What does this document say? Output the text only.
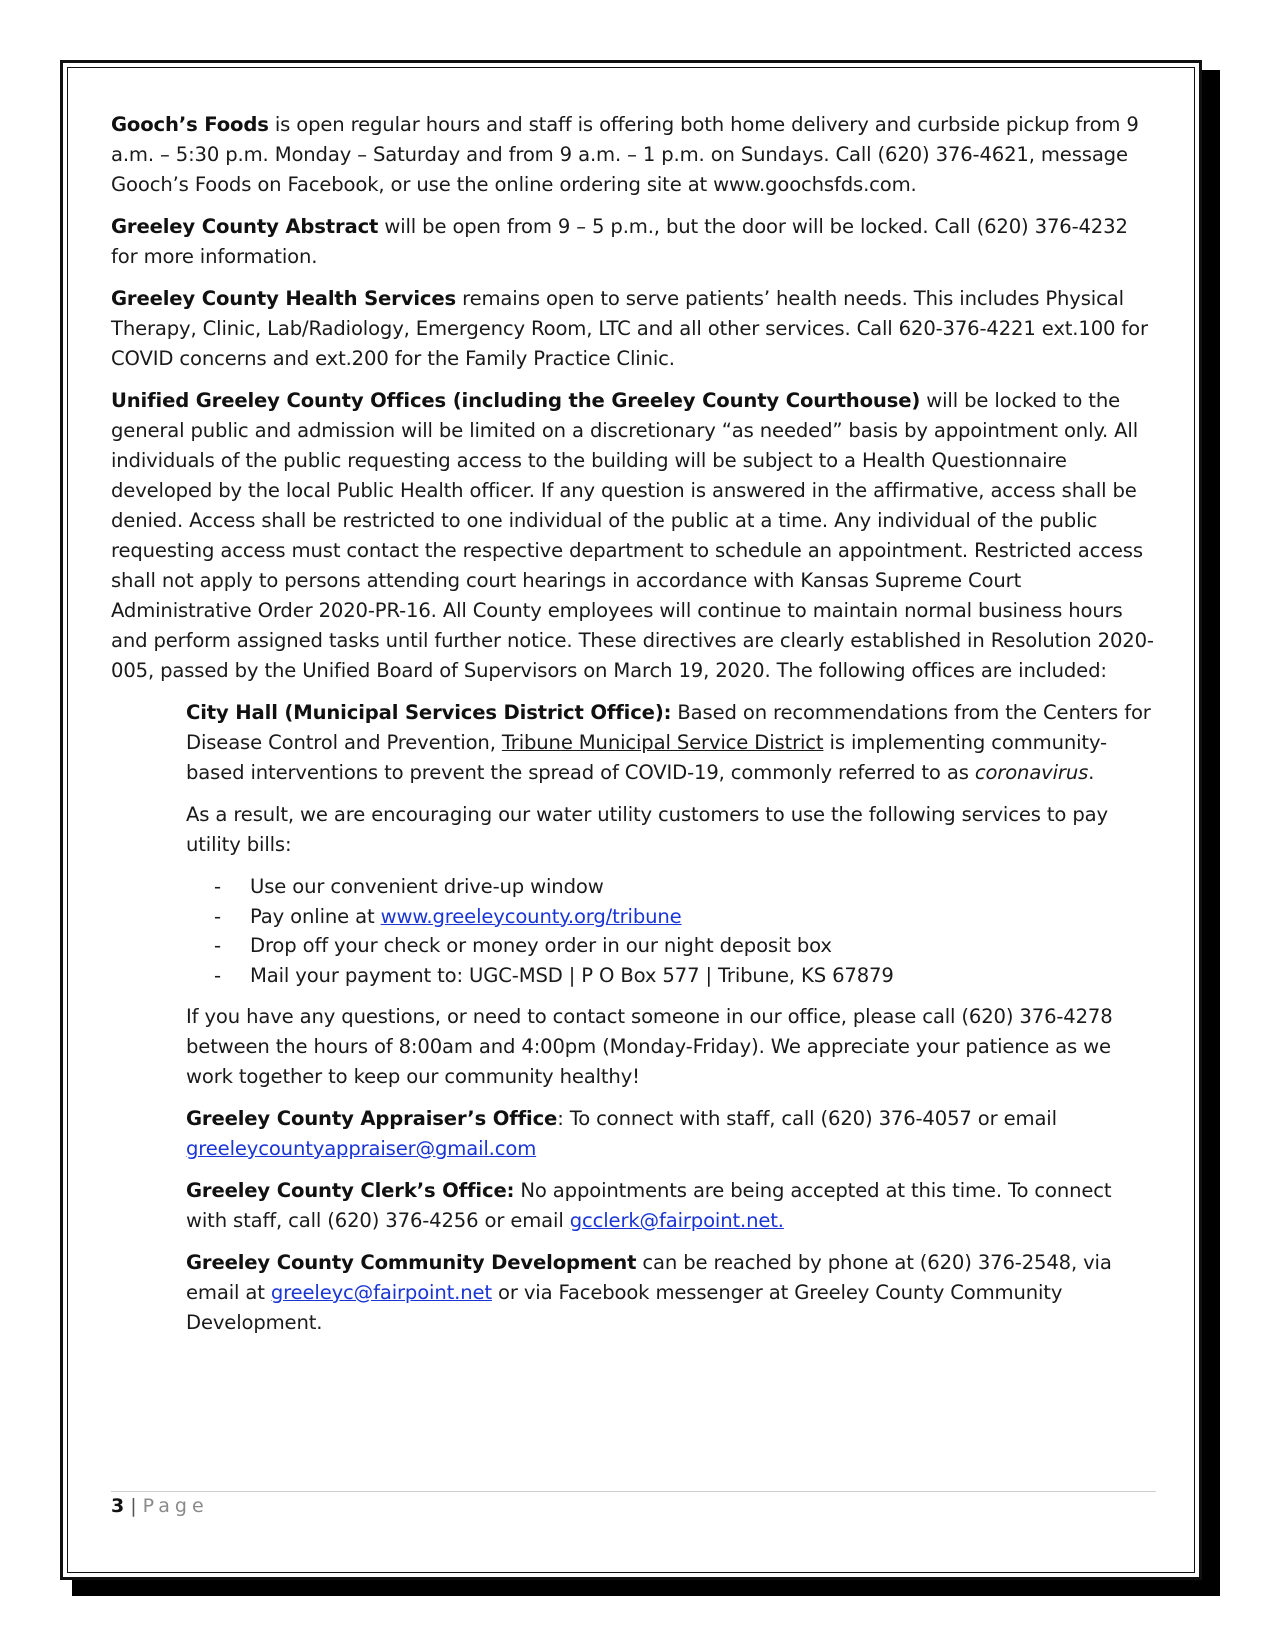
Gooch’s Foods is open regular hours and staff is offering both home delivery and curbside pickup from 9 a.m. – 5:30 p.m. Monday – Saturday and from 9 a.m. – 1 p.m. on Sundays. Call (620) 376-4621, message Gooch’s Foods on Facebook, or use the online ordering site at www.goochsfds.com.

Greeley County Abstract will be open from 9 – 5 p.m., but the door will be locked. Call (620) 376-4232 for more information.

Greeley County Health Services remains open to serve patients’ health needs. This includes Physical Therapy, Clinic, Lab/Radiology, Emergency Room, LTC and all other services. Call 620-376-4221 ext.100 for COVID concerns and ext.200 for the Family Practice Clinic.

Unified Greeley County Offices (including the Greeley County Courthouse) will be locked to the general public and admission will be limited on a discretionary “as needed” basis by appointment only. All individuals of the public requesting access to the building will be subject to a Health Questionnaire developed by the local Public Health officer. If any question is answered in the affirmative, access shall be denied. Access shall be restricted to one individual of the public at a time. Any individual of the public requesting access must contact the respective department to schedule an appointment. Restricted access shall not apply to persons attending court hearings in accordance with Kansas Supreme Court Administrative Order 2020-PR-16. All County employees will continue to maintain normal business hours and perform assigned tasks until further notice. These directives are clearly established in Resolution 2020-005, passed by the Unified Board of Supervisors on March 19, 2020. The following offices are included:

City Hall (Municipal Services District Office): Based on recommendations from the Centers for Disease Control and Prevention, Tribune Municipal Service District is implementing community-based interventions to prevent the spread of COVID-19, commonly referred to as coronavirus.

As a result, we are encouraging our water utility customers to use the following services to pay utility bills:

- Use our convenient drive-up window
- Pay online at www.greeleycounty.org/tribune
- Drop off your check or money order in our night deposit box
- Mail your payment to: UGC-MSD | P O Box 577 | Tribune, KS 67879

If you have any questions, or need to contact someone in our office, please call (620) 376-4278 between the hours of 8:00am and 4:00pm (Monday-Friday). We appreciate your patience as we work together to keep our community healthy!

Greeley County Appraiser’s Office: To connect with staff, call (620) 376-4057 or email greeleycountyappraiser@gmail.com

Greeley County Clerk’s Office: No appointments are being accepted at this time. To connect with staff, call (620) 376-4256 or email gcclerk@fairpoint.net.

Greeley County Community Development can be reached by phone at (620) 376-2548, via email at greeleyc@fairpoint.net or via Facebook messenger at Greeley County Community Development.

3 | Page
